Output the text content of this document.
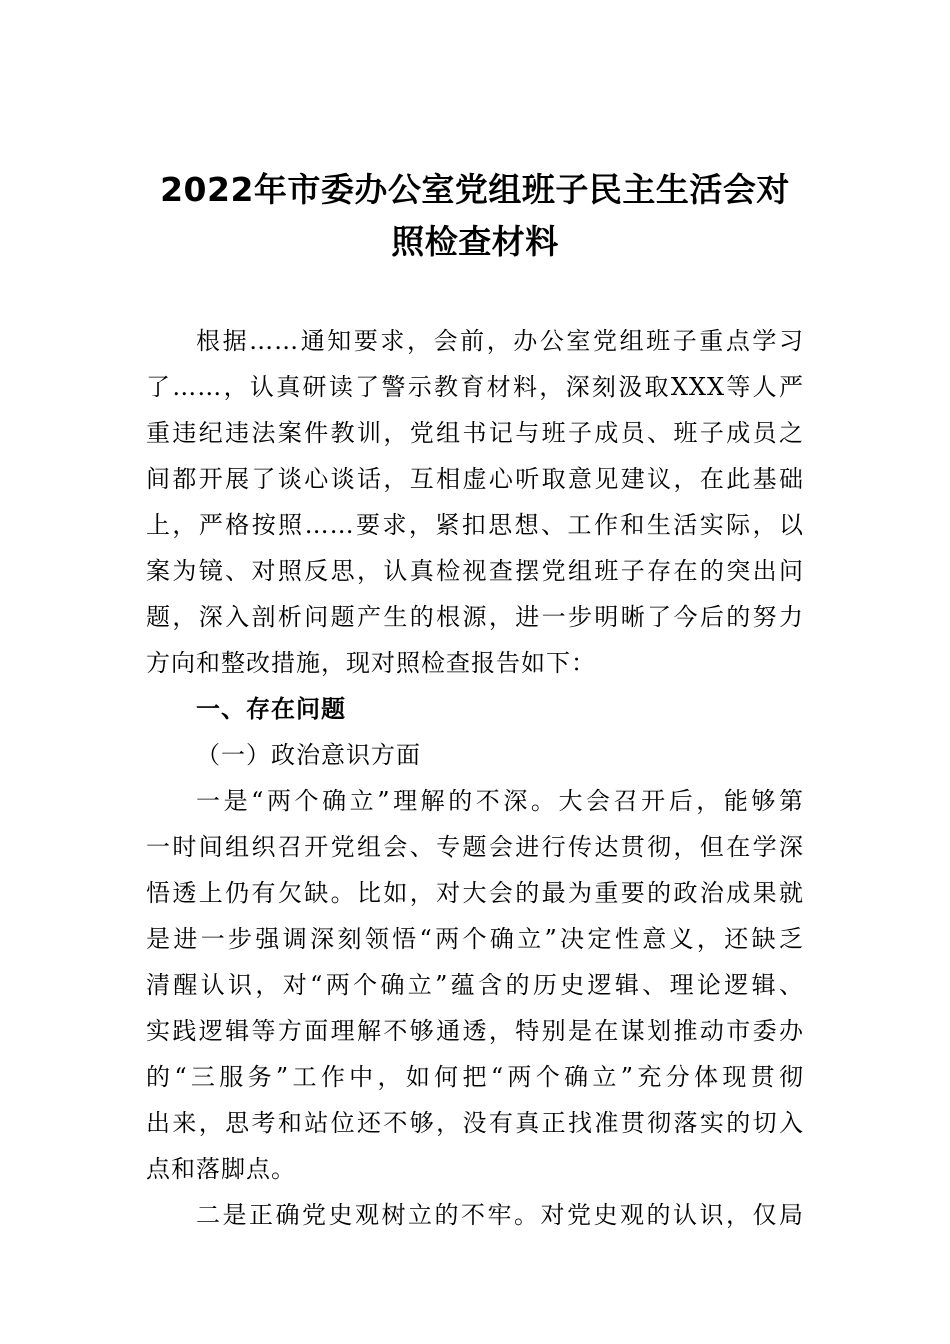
2022年市委办公室党组班子民主生活会对
照检查材料
根据……通知要求，会前，办公室党组班子重点学习
了……，认真研读了警示教育材料，深刻汲取XXX等人严
重违纪违法案件教训，党组书记与班子成员、班子成员之
间都开展了谈心谈话，互相虚心听取意见建议，在此基础
上，严格按照……要求，紧扣思想、工作和生活实际，以
案为镜、对照反思，认真检视查摆党组班子存在的突出问
题，深入剖析问题产生的根源，进一步明晰了今后的努力
方向和整改措施，现对照检查报告如下：
一、存在问题
（一）政治意识方面
一是“两个确立”理解的不深。大会召开后，能够第
一时间组织召开党组会、专题会进行传达贯彻，但在学深
悟透上仍有欠缺。比如，对大会的最为重要的政治成果就
是进一步强调深刻领悟“两个确立”决定性意义，还缺乏
清醒认识，对“两个确立”蕴含的历史逻辑、理论逻辑、
实践逻辑等方面理解不够通透，特别是在谋划推动市委办
的“三服务”工作中，如何把“两个确立”充分体现贯彻
出来，思考和站位还不够，没有真正找准贯彻落实的切入
点和落脚点。
二是正确党史观树立的不牢。对党史观的认识，仅局
